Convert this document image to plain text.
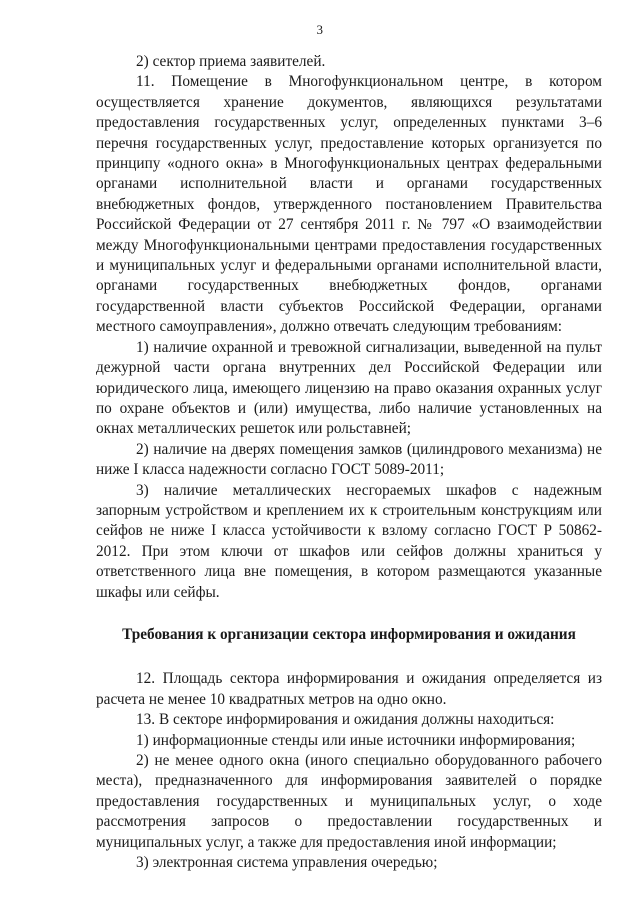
3

2) сектор приема заявителей.

11. Помещение в Многофункциональном центре, в котором осуществляется хранение документов, являющихся результатами предоставления государственных услуг, определенных пунктами 3–6 перечня государственных услуг, предоставление которых организуется по принципу «одного окна» в Многофункциональных центрах федеральными органами исполнительной власти и органами государственных внебюджетных фондов, утвержденного постановлением Правительства Российской Федерации от 27 сентября 2011 г. № 797 «О взаимодействии между Многофункциональными центрами предоставления государственных и муниципальных услуг и федеральными органами исполнительной власти, органами государственных внебюджетных фондов, органами государственной власти субъектов Российской Федерации, органами местного самоуправления», должно отвечать следующим требованиям:

1) наличие охранной и тревожной сигнализации, выведенной на пульт дежурной части органа внутренних дел Российской Федерации или юридического лица, имеющего лицензию на право оказания охранных услуг по охране объектов и (или) имущества, либо наличие установленных на окнах металлических решеток или рольставней;

2) наличие на дверях помещения замков (цилиндрового механизма) не ниже I класса надежности согласно ГОСТ 5089-2011;

3) наличие металлических несгораемых шкафов с надежным запорным устройством и креплением их к строительным конструкциям или сейфов не ниже I класса устойчивости к взлому согласно ГОСТ Р 50862-2012. При этом ключи от шкафов или сейфов должны храниться у ответственного лица вне помещения, в котором размещаются указанные шкафы или сейфы.

Требования к организации сектора информирования и ожидания

12. Площадь сектора информирования и ожидания определяется из расчета не менее 10 квадратных метров на одно окно.

13. В секторе информирования и ожидания должны находиться:

1) информационные стенды или иные источники информирования;

2) не менее одного окна (иного специально оборудованного рабочего места), предназначенного для информирования заявителей о порядке предоставления государственных и муниципальных услуг, о ходе рассмотрения запросов о предоставлении государственных и муниципальных услуг, а также для предоставления иной информации;

3) электронная система управления очередью;
